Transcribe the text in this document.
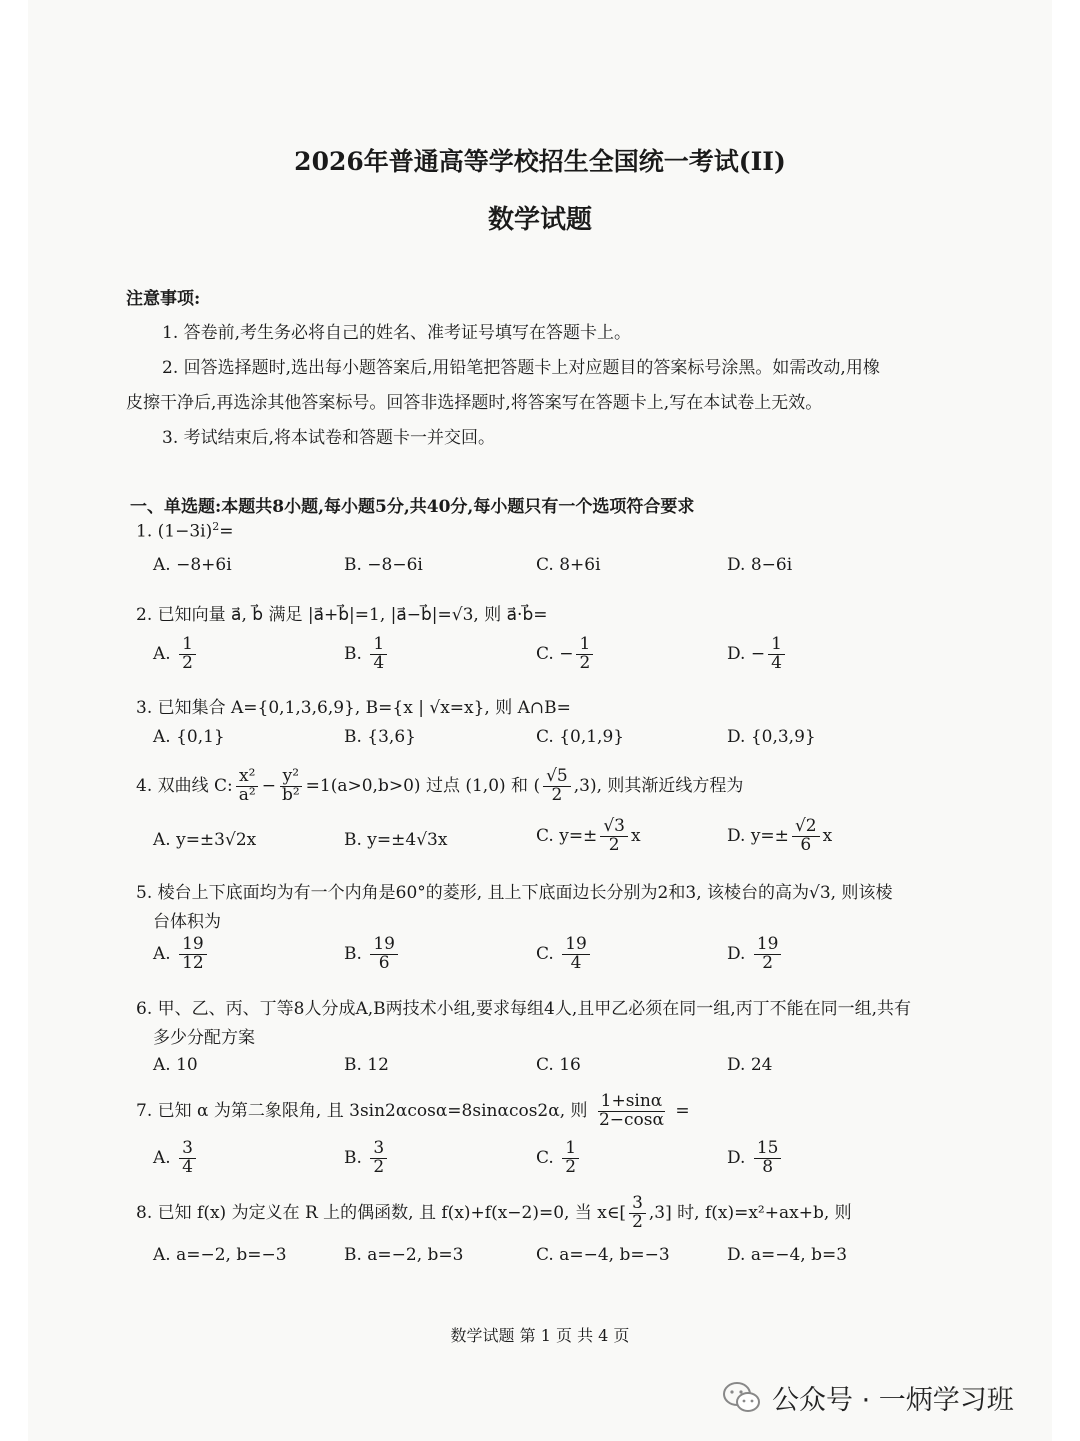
2026年普通高等学校招生全国统一考试(II)
数学试题
注意事项:
1. 答卷前,考生务必将自己的姓名、准考证号填写在答题卡上。
2. 回答选择题时,选出每小题答案后,用铅笔把答题卡上对应题目的答案标号涂黑。如需改动,用橡
皮擦干净后,再选涂其他答案标号。回答非选择题时,将答案写在答题卡上,写在本试卷上无效。
3. 考试结束后,将本试卷和答题卡一并交回。
一、单选题:本题共8小题,每小题5分,共40分,每小题只有一个选项符合要求
1. $(1-3i)^2=$
A. −8+6i	B. −8−6i	C. 8+6i	D. 8−6i
2. 已知向量 a⃗, b⃗ 满足 |a⃗+b⃗|=1, |a⃗−b⃗|=√3, 则 a⃗·b⃗=
A. $\frac{1}{2}$	B. $\frac{1}{4}$	C. − $\frac{1}{2}$	D. − $\frac{1}{4}$
3. 已知集合 A={0,1,3,6,9}, B={x | √x=x}, 则 A∩B=
A. {0,1}	B. {3,6}	C. {0,1,9}	D. {0,3,9}
4. 双曲线 C: $\frac{\text{x²}}{\text{a²}} - \frac{\text{y²}}{\text{b²}} =1(a>0,b>0)$ 过点 (1,0) 和 ( $\frac{√5}{2} ,3$), 则其渐近线方程为
A. y=±3√2x	B. y=±4√3x	C. $y=\pm \frac{√3}{2}$ x	D. $y=\pm \frac{√2}{6}$ x
5. 棱台上下底面均为有一个内角是60°的菱形, 且上下底面边长分别为2和3, 该棱台的高为√3, 则该棱
台体积为
A. $\frac{19}{12}$	B. $\frac{19}{6}$	C. $\frac{19}{4}$	D. $\frac{19}{2}$
6. 甲、乙、丙、丁等8人分成A,B两技术小组,要求每组4人,且甲乙必须在同一组,丙丁不能在同一组,共有
多少分配方案
A. 10	B. 12	C. 16	D. 24
7. 已知 α 为第二象限角, 且 3sin2αcosα=8sinαcos2α, 则 $\frac{1+\sin\alpha}{2-\cos\alpha}$ =
A. $\frac{3}{4}$	B. $\frac{3}{2}$	C. $\frac{1}{2}$	D. $\frac{15}{8}$
8. 已知 f(x) 为定义在 R 上的偶函数, 且 f(x)+f(x−2)=0, 当 x∈[ $\frac{3}{2} ,3$] 时, f(x)=x²+ax+b, 则
A. a=−2, b=−3	B. a=−2, b=3	C. a=−4, b=−3	D. a=−4, b=3
数学试题 第 1 页 共 4 页
公众号 · 一炳学习班
